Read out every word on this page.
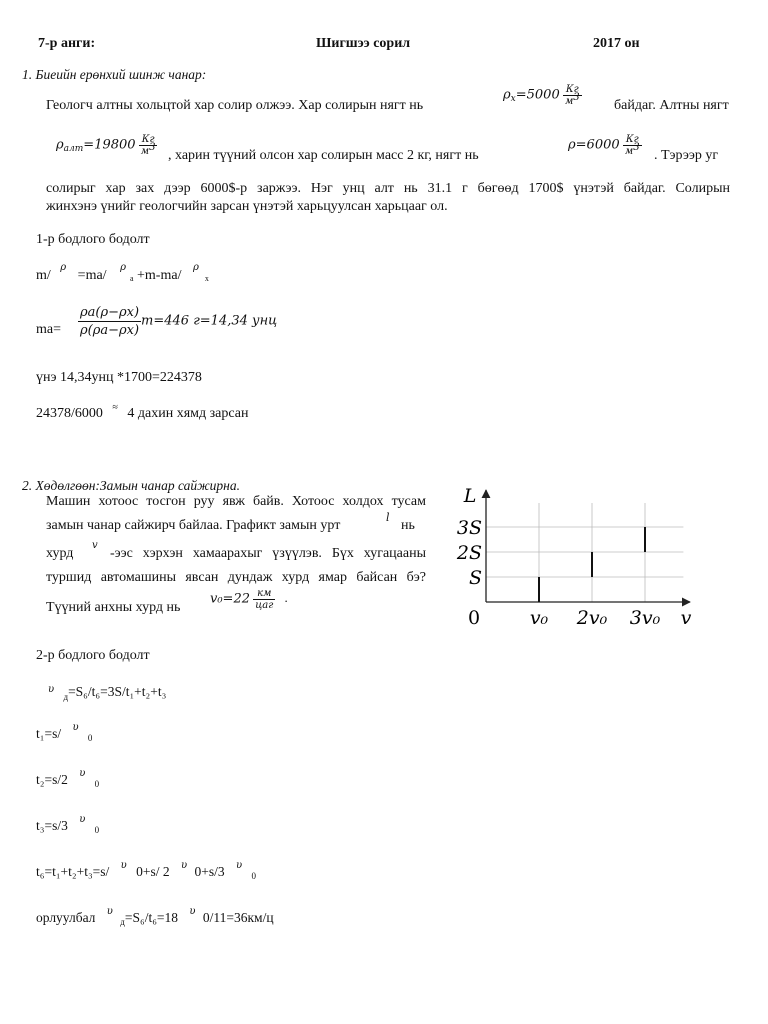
7-р анги:	Шигшээ сорил	2017 он
1. Биеийн ерөнхий шинж чанар:
Геологч алтны хольцтой хар солир олжээ. Хар солирын нягт нь
$\rho_x=5000 \frac{Кг}{м3}$ байдаг. Алтны нягт
$\rho_{алт}=19800 \frac{Кг}{м3}$ , харин түүний олсон хар солирын масс 2 кг, нягт нь
$\rho=6000 \frac{Кг}{м3}$ . Тэрээр уг
солирыг хар зах дээр 6000$-р заржээ. Нэг унц алт нь 31.1 г бөгөөд 1700$ үнэтэй байдаг. Солирын
жинхэнэ үнийг геологчийн зарсан үнэтэй харьцуулсан харьцааг ол.
1-р бодлого бодолт
m/ $^\rho$ =ma/ $^\rho$a +m-ma/ $^\rho$x
$ma= \frac{\rho a(\rho-\rho x)}{\rho(\rho a-\rho x)} m=446$ г=14,34 унц
үнэ 14,34унц *1700=224378
24378/6000 ≈ 4 дахин хямд зарсан
2. Хөдөлгөөн:Замын чанар сайжирна.
Машин хотоос тосгон руу явж байв. Хотоос холдох тусам
замын чанар сайжирч байлаа. Графикт замын урт
l
нь
хурд
v
-ээс хэрхэн хамаарахыг үзүүлэв. Бүх хугацааны
туршид автомашины явсан дундаж хурд ямар байсан бэ?
Түүний анхны хурд нь
$v_0=22 \frac{км}{\text{цаг}}$ .
v₀ 2v₀ 3v₀
S
2S
3S
0	v
L
2-р бодлого бодолт
$^\upsilon$ $_д$=S₆/t₆=3S/t₁+t₂+t₃
t₁=s/ $^\upsilon$ $_0$
t₂=s/2 $^\upsilon$ $_0$
t₃=s/3 $^\upsilon$ $_0$
t₆=t₁+t₂+t₃=s/ $^\upsilon$ 0+s/ 2 $^\upsilon$ 0+s/3 $^\upsilon$ $_0$
орлуулбал $^\upsilon$ $_д$=S₆/t₆=18 $^\upsilon$ 0/11=36км/ц
